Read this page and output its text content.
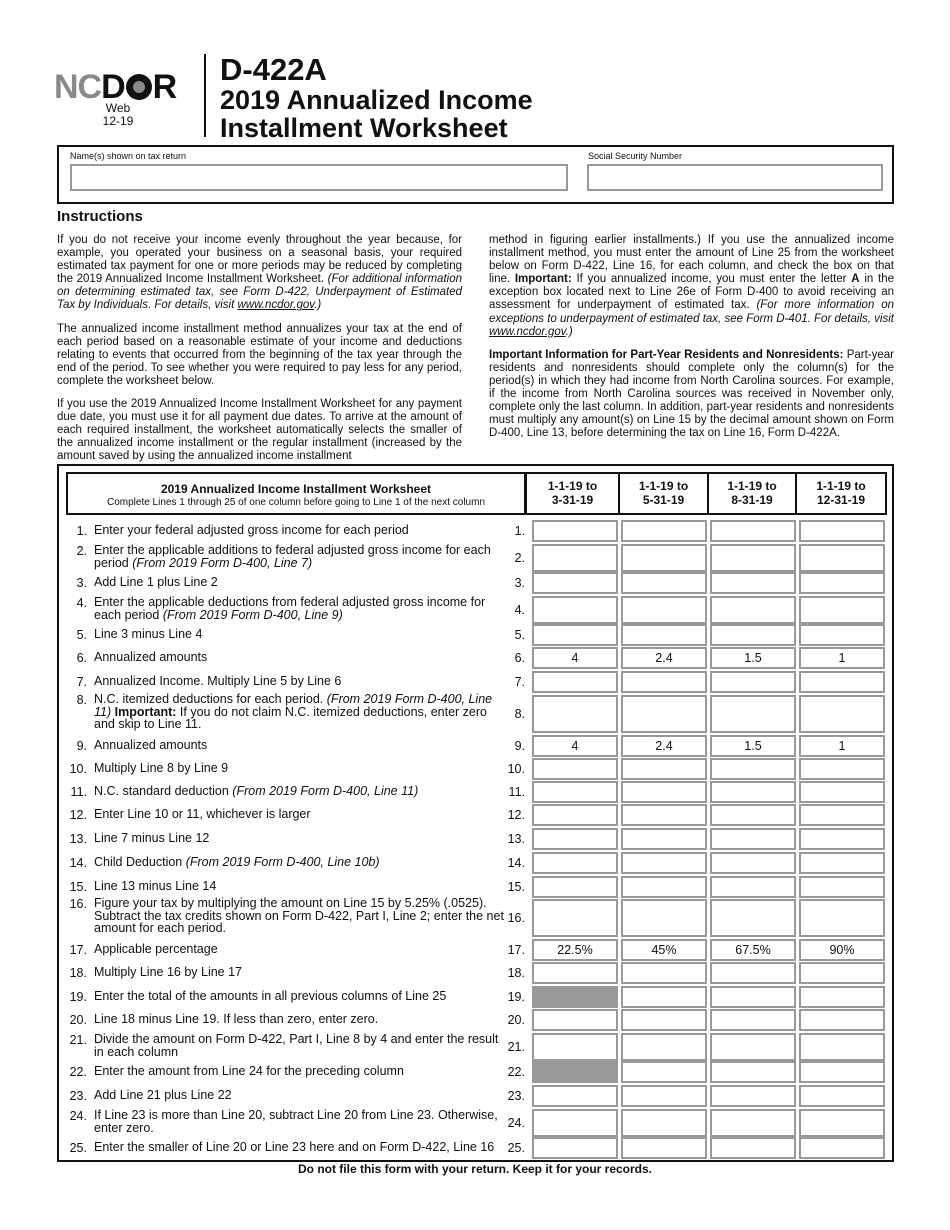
NCD R
Web
12-19
D-422A
2019 Annualized Income
Installment Worksheet
Name(s) shown on tax return	Social Security Number
Instructions

If you do not receive your income evenly throughout the year because, for example, you operated your business on a seasonal basis, your required estimated tax payment for one or more periods may be reduced by completing the 2019 Annualized Income Installment Worksheet. (For additional information on determining estimated tax, see Form D-422, Underpayment of Estimated Tax by Individuals. For details, visit www.ncdor.gov.)

The annualized income installment method annualizes your tax at the end of each period based on a reasonable estimate of your income and deductions relating to events that occurred from the beginning of the tax year through the end of the period. To see whether you were required to pay less for any period, complete the worksheet below.

If you use the 2019 Annualized Income Installment Worksheet for any payment due date, you must use it for all payment due dates. To arrive at the amount of each required installment, the worksheet automatically selects the smaller of the annualized income installment or the regular installment (increased by the amount saved by using the annualized income installment

method in figuring earlier installments.) If you use the annualized income installment method, you must enter the amount of Line 25 from the worksheet below on Form D-422, Line 16, for each column, and check the box on that line. Important: If you annualized income, you must enter the letter A in the exception box located next to Line 26e of Form D-400 to avoid receiving an assessment for underpayment of estimated tax. (For more information on exceptions to underpayment of estimated tax, see Form D-401. For details, visit www.ncdor.gov.)

Important Information for Part-Year Residents and Nonresidents: Part-year residents and nonresidents should complete only the column(s) for the period(s) in which they had income from North Carolina sources. For example, if the income from North Carolina sources was received in November only, complete only the last column. In addition, part-year residents and nonresidents must multiply any amount(s) on Line 15 by the decimal amount shown on Form D-400, Line 13, before determining the tax on Line 16, Form D-422A.

2019 Annualized Income Installment Worksheet
Complete Lines 1 through 25 of one column before going to Line 1 of the next column
1-1-19 to
3-31-19
1-1-19 to
5-31-19
1-1-19 to
8-31-19
1-1-19 to
12-31-19
1. Enter your federal adjusted gross income for each period	1.
2. Enter the applicable additions to federal adjusted gross income for each period (From 2019 Form D-400, Line 7)	2.
3. Add Line 1 plus Line 2	3.
4. Enter the applicable deductions from federal adjusted gross income for each period (From 2019 Form D-400, Line 9)	4.
5. Line 3 minus Line 4	5.
6. Annualized amounts	6.	4	2.4	1.5	1
7. Annualized Income. Multiply Line 5 by Line 6	7.
8. N.C. itemized deductions for each period. (From 2019 Form D-400, Line 11) Important: If you do not claim N.C. itemized deductions, enter zero and skip to Line 11.
8.
9. Annualized amounts	9.	4	2.4	1.5	1
10. Multiply Line 8 by Line 9	10.
11. N.C. standard deduction (From 2019 Form D-400, Line 11)	11.
12. Enter Line 10 or 11, whichever is larger	12.
13. Line 7 minus Line 12	13.
14. Child Deduction (From 2019 Form D-400, Line 10b)	14.
15. Line 13 minus Line 14	15.
16. Figure your tax by multiplying the amount on Line 15 by 5.25% (.0525). Subtract the tax credits shown on Form D-422, Part I, Line 2; enter the net amount for each period.
16.
17. Applicable percentage	17.	22.5%	45%	67.5%	90%
18. Multiply Line 16 by Line 17	18.
19. Enter the total of the amounts in all previous columns of Line 25	19.
20. Line 18 minus Line 19. If less than zero, enter zero.	20.
21. Divide the amount on Form D-422, Part I, Line 8 by 4 and enter the result in each column	21.
22. Enter the amount from Line 24 for the preceding column	22.
23. Add Line 21 plus Line 22	23.
24. If Line 23 is more than Line 20, subtract Line 20 from Line 23. Otherwise, enter zero.	24.
25. Enter the smaller of Line 20 or Line 23 here and on Form D-422, Line 16	25.
Do not file this form with your return. Keep it for your records.
